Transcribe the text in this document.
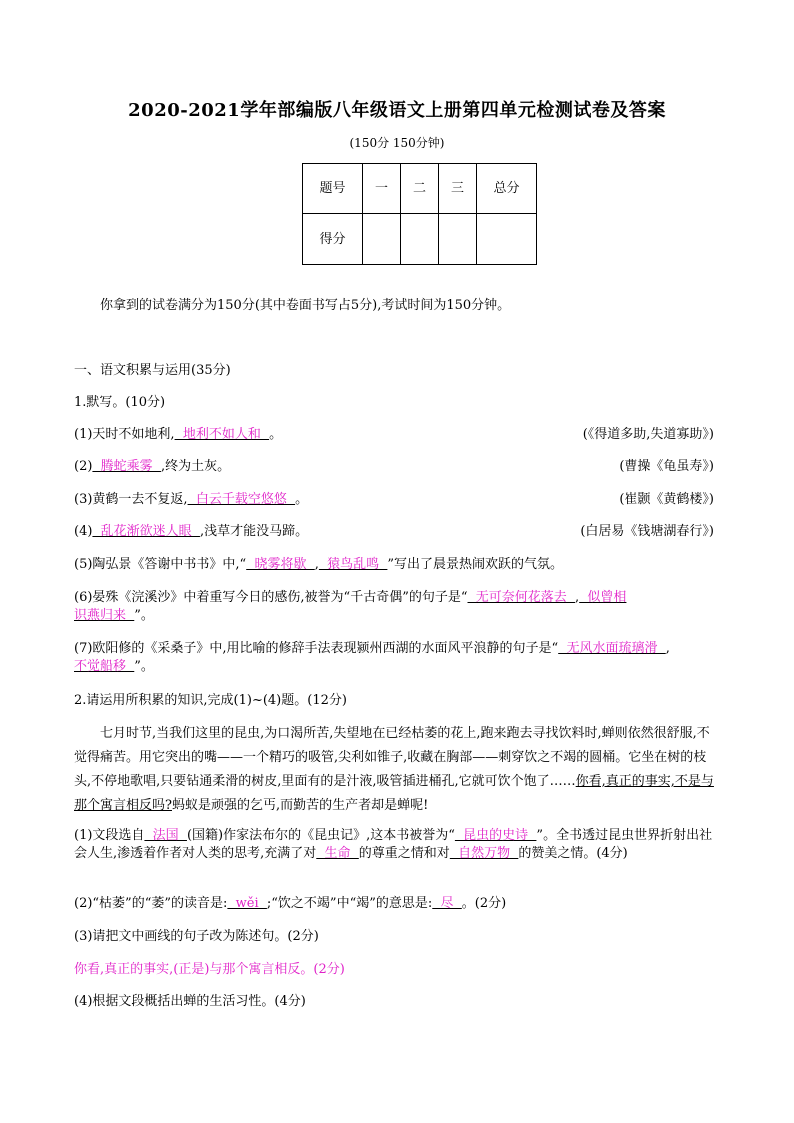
2020-2021学年部编版八年级语文上册第四单元检测试卷及答案
(150分 150分钟)
题号	一	二	三	总分
得分				
你拿到的试卷满分为150分(其中卷面书写占5分),考试时间为150分钟。
一、语文积累与运用(35分)
1.默写。(10分)
(1)天时不如地利,  地利不如人和  。	(《得道多助,失道寡助》)
(2)  腾蛇乘雾  ,终为土灰。	(曹操《龟虽寿》)
(3)黄鹤一去不复返,  白云千载空悠悠  。	(崔颢《黄鹤楼》)
(4)  乱花渐欲迷人眼  ,浅草才能没马蹄。	(白居易《钱塘湖春行》)
(5)陶弘景《答谢中书书》中,“  晓雾将歇  ,  猿鸟乱鸣  ”写出了晨景热闹欢跃的气氛。
(6)晏殊《浣溪沙》中着重写今日的感伤,被誉为“千古奇偶”的句子是“  无可奈何花落去  ,  似曾相
识燕归来  ”。
(7)欧阳修的《采桑子》中,用比喻的修辞手法表现颍州西湖的水面风平浪静的句子是“  无风水面琉璃滑  ,
不觉船移  ”。
2.请运用所积累的知识,完成(1)~(4)题。(12分)
七月时节,当我们这里的昆虫,为口渴所苦,失望地在已经枯萎的花上,跑来跑去寻找饮料时,蝉则依然很舒服,不觉得痛苦。用它突出的嘴——一个精巧的吸管,尖利如锥子,收藏在胸部——刺穿饮之不竭的圆桶。它坐在树的枝头,不停地歌唱,只要钻通柔滑的树皮,里面有的是汁液,吸管插进桶孔,它就可饮个饱了……你看,真正的事实,不是与那个寓言相反吗?蚂蚁是顽强的乞丐,而勤苦的生产者却是蝉呢!
(1)文段选自  法国  (国籍)作家法布尔的《昆虫记》,这本书被誉为“  昆虫的史诗  ”。全书透过昆虫世界折射出社会人生,渗透着作者对人类的思考,充满了对  生命  的尊重之情和对  自然万物  的赞美之情。(4分)
(2)“枯萎”的“萎”的读音是:  wěi  ;“饮之不竭”中“竭”的意思是:  尽  。(2分)
(3)请把文中画线的句子改为陈述句。(2分)
你看,真正的事实,(正是)与那个寓言相反。(2分)
(4)根据文段概括出蝉的生活习性。(4分)
